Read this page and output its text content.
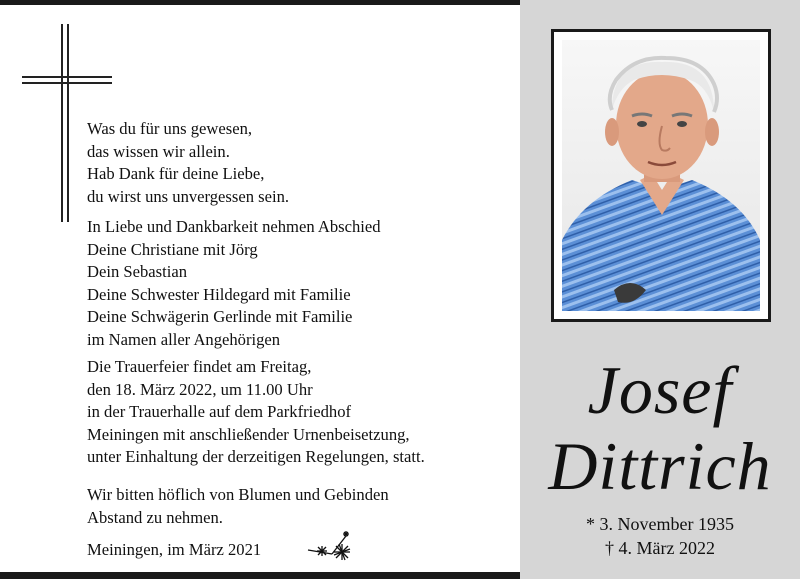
Was du für uns gewesen,
das wissen wir allein.
Hab Dank für deine Liebe,
du wirst uns unvergessen sein.
In Liebe und Dankbarkeit nehmen Abschied
Deine Christiane mit Jörg
Dein Sebastian
Deine Schwester Hildegard mit Familie
Deine Schwägerin Gerlinde mit Familie
im Namen aller Angehörigen
Die Trauerfeier findet am Freitag,
den 18. März 2022, um 11.00 Uhr
in der Trauerhalle auf dem Parkfriedhof
Meiningen mit anschließender Urnenbeisetzung,
unter Einhaltung der derzeitigen Regelungen, statt.
Wir bitten höflich von Blumen und Gebinden
Abstand zu nehmen.
Meiningen, im März 2021
Josef
Dittrich
* 3. November 1935
† 4. März 2022
